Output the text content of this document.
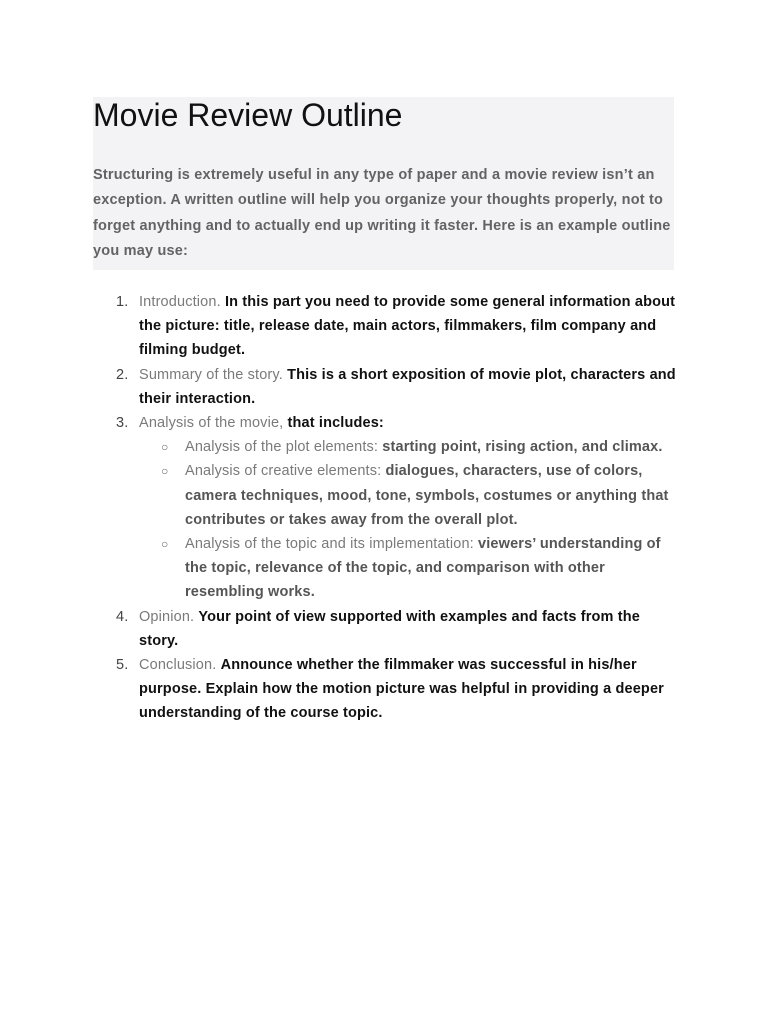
Movie Review Outline

Structuring is extremely useful in any type of paper and a movie review isn’t an exception. A written outline will help you organize your thoughts properly, not to forget anything and to actually end up writing it faster. Here is an example outline you may use:

1. Introduction. In this part you need to provide some general information about the picture: title, release date, main actors, filmmakers, film company and filming budget.
2. Summary of the story. This is a short exposition of movie plot, characters and their interaction.
3. Analysis of the movie, that includes:
○ Analysis of the plot elements: starting point, rising action, and climax.
○ Analysis of creative elements: dialogues, characters, use of colors, camera techniques, mood, tone, symbols, costumes or anything that contributes or takes away from the overall plot.
○ Analysis of the topic and its implementation: viewers’ understanding of the topic, relevance of the topic, and comparison with other resembling works.
4. Opinion. Your point of view supported with examples and facts from the story.
5. Conclusion. Announce whether the filmmaker was successful in his/her purpose. Explain how the motion picture was helpful in providing a deeper understanding of the course topic.
